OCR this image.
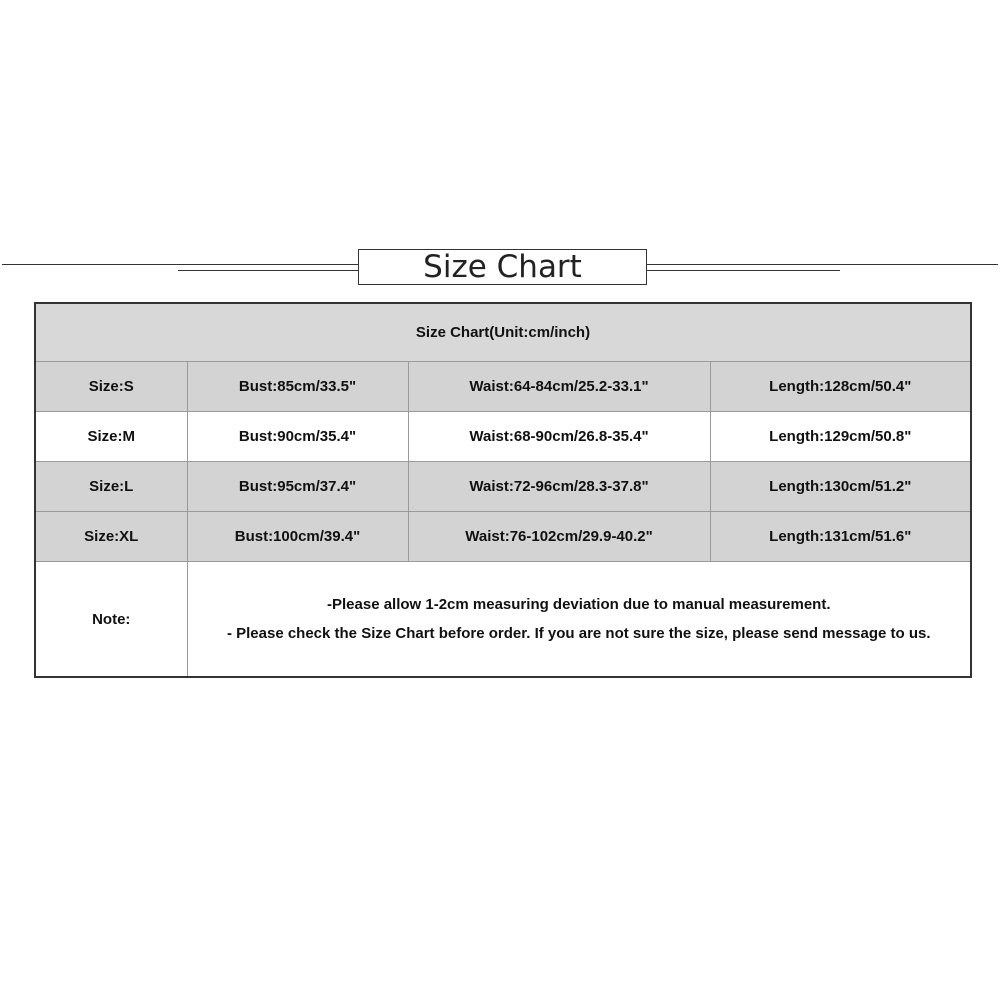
Size Chart
Size Chart(Unit:cm/inch)			
Size:S	Bust:85cm/33.5"	Waist:64-84cm/25.2-33.1"	Length:128cm/50.4"
Size:M	Bust:90cm/35.4"	Waist:68-90cm/26.8-35.4"	Length:129cm/50.8"
Size:L	Bust:95cm/37.4"	Waist:72-96cm/28.3-37.8"	Length:130cm/51.2"
Size:XL	Bust:100cm/39.4"	Waist:76-102cm/29.9-40.2"	Length:131cm/51.6"
Note:	-Please allow 1-2cm measuring deviation due to manual measurement.
- Please check the Size Chart before order. If you are not sure the size, please send message to us.		
